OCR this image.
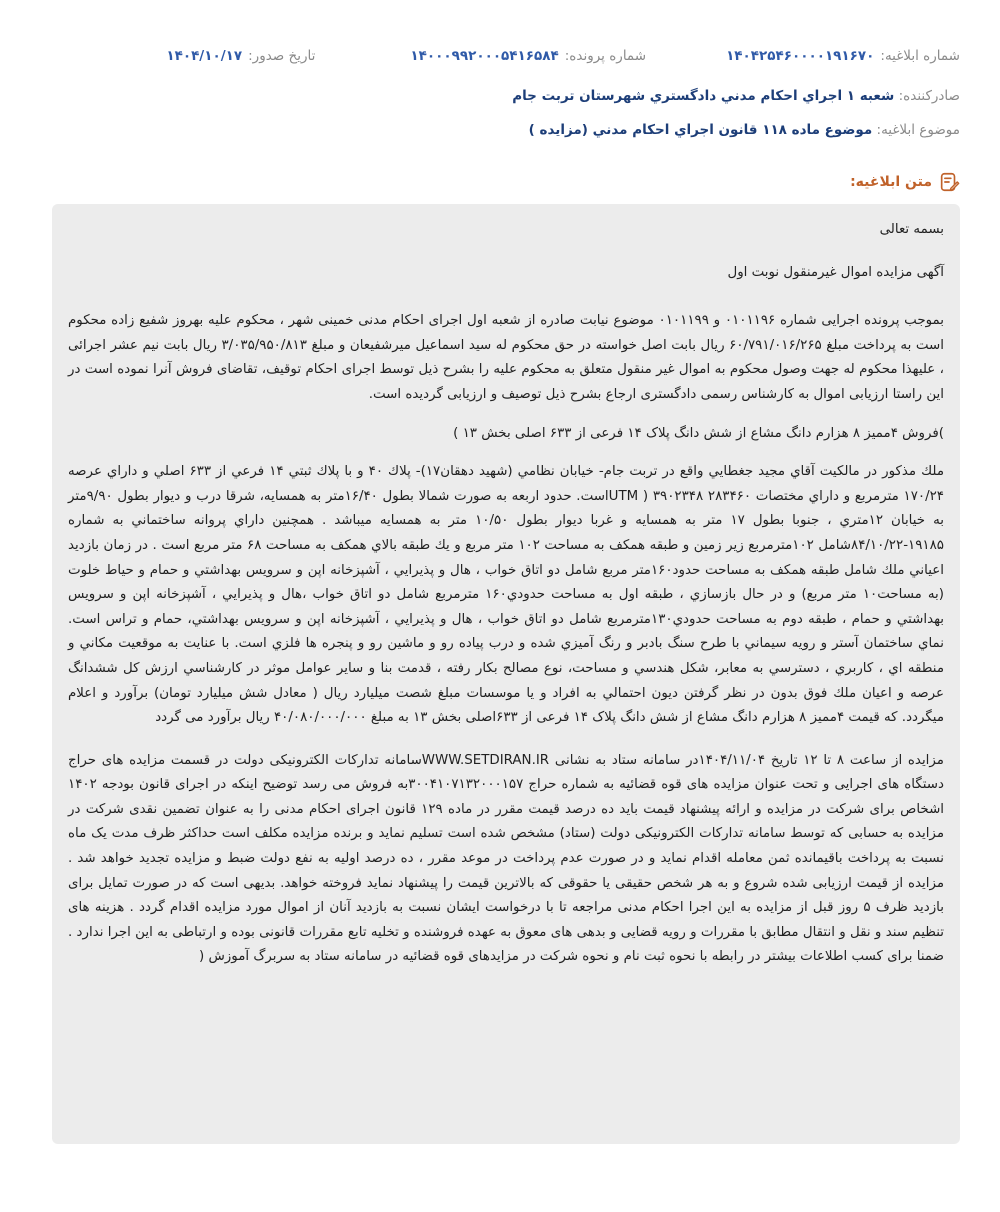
شماره ابلاغيه:
۱۴۰۴۲۵۴۶۰۰۰۰۱۹۱۶۷۰
شماره پرونده:
۱۴۰۰۰۹۹۲۰۰۰۵۴۱۶۵۸۴
تاريخ صدور:
۱۴۰۴/۱۰/۱۷
صادرکننده: شعبه ۱ اجراي احکام مدني دادگستري شهرستان تربت جام
موضوع ابلاغيه: موضوع ماده ۱۱۸ قانون اجراي احکام مدني (مزايده )
متن ابلاغيه:

بسمه تعالی

آگهی مزایده اموال غیرمنقول نوبت اول

بموجب پرونده اجرایی شماره ۰۱۰۱۱۹۶ و ۰۱۰۱۱۹۹ موضوع نیابت صادره از شعبه اول اجرای احکام مدنی خمینی شهر ، محکوم علیه بهروز شفیع زاده محکوم است به پرداخت مبلغ ۶۰/۷۹۱/۰۱۶/۲۶۵ ریال بابت اصل خواسته در حق محکوم له سید اسماعیل میرشفیعان و مبلغ ۳/۰۳۵/۹۵۰/۸۱۳ ریال بابت نیم عشر اجرائی ، علیهذا محکوم له جهت وصول محکوم به اموال غیر منقول متعلق به محکوم علیه را بشرح ذیل توسط اجرای احکام توقیف، تقاضای فروش آنرا نموده است در این راستا ارزیابی اموال به کارشناس رسمی دادگستری ارجاع بشرح ذیل توصیف و ارزیابی گردیده است.

)فروش ۴ممیز ۸ هزارم دانگ مشاع از شش دانگ پلاک ۱۴ فرعی از ۶۳۳ اصلی بخش ۱۳ )

ملك مذكور در مالكيت آقاي مجيد جغطايي واقع در تربت جام- خيابان نظامي (شهيد دهقان۱۷)- پلاك ۴۰ و با پلاك ثبتي ۱۴ فرعي از ۶۳۳ اصلي و داراي عرصه ۱۷۰/۲۴ مترمربع و داراي مختصات ۲۸۳۴۶۰ ۳۹۰۲۳۴۸ ( UTMاست. حدود اربعه به صورت شمالا بطول ۱۶/۴۰متر به همسايه، شرقا درب و ديوار بطول ۹/۹۰متر به خيابان ۱۲متري ، جنوبا بطول ۱۷ متر به همسايه و غربا ديوار بطول ۱۰/۵۰ متر به همسايه ميباشد . همچنين داراي پروانه ساختماني به شماره ۱۹۱۸۵-۸۴/۱۰/۲۲شامل ۱۰۲مترمربع زير زمين و طبقه همكف به مساحت ۱۰۲ متر مربع و يك طبقه بالاي همكف به مساحت ۶۸ متر مربع است . در زمان بازديد اعياني ملك شامل طبقه همكف به مساحت حدود۱۶۰متر مربع شامل دو اتاق خواب ، هال و پذيرايي ، آشپزخانه اپن و سرويس بهداشتي و حمام و حياط خلوت (به مساحت۱۰ متر مربع) و در حال بازسازي ، طبقه اول به مساحت حدودي۱۶۰ مترمربع شامل دو اتاق خواب ،هال و پذيرايي ، آشپزخانه اپن و سرويس بهداشتي و حمام ، طبقه دوم به مساحت حدودي۱۳۰مترمربع شامل دو اتاق خواب ، هال و پذيرايي ، آشپزخانه اپن و سرويس بهداشتي، حمام و تراس است. نماي ساختمان آستر و رويه سيماني با طرح سنگ بادبر و رنگ آميزي شده و درب پياده رو و ماشين رو و پنجره ها فلزي است. با عنايت به موقعيت مكاني و منطقه اي ، كاربري ، دسترسي به معابر، شكل هندسي و مساحت، نوع مصالح بكار رفته ، قدمت بنا و ساير عوامل موثر در كارشناسي ارزش كل ششدانگ عرصه و اعيان ملك فوق بدون در نظر گرفتن ديون احتمالي به افراد و يا موسسات مبلغ شصت ميليارد ريال ( معادل شش ميليارد تومان) برآورد و اعلام ميگردد. که قیمت ۴ممیز ۸ هزارم دانگ مشاع از شش دانگ پلاک ۱۴ فرعی از ۶۳۳اصلی بخش ۱۳ به مبلغ ۴۰/۰۸۰/۰۰۰/۰۰۰ ریال برآورد می گردد

مزایده از ساعت ۸ تا ۱۲ تاریخ ۱۴۰۴/۱۱/۰۴در سامانه ستاد به نشانی WWW.SETDIRAN.IRسامانه تدارکات الکترونیکی دولت در قسمت مزایده های حراج دستگاه های اجرایی و تحت عنوان مزایده های قوه قضائیه به شماره حراج ۳۰۰۴۱۰۷۱۳۲۰۰۰۱۵۷به فروش می رسد توضیح اینکه در اجرای قانون بودجه ۱۴۰۲ اشخاص برای شرکت در مزایده و ارائه پیشنهاد قیمت باید ده درصد قیمت مقرر در ماده ۱۲۹ قانون اجرای احکام مدنی را به عنوان تضمین نقدی شرکت در مزایده به حسابی که توسط سامانه تدارکات الکترونیکی دولت (ستاد) مشخص شده است تسلیم نماید و برنده مزایده مکلف است حداکثر ظرف مدت یک ماه نسبت به پرداخت باقیمانده ثمن معامله اقدام نماید و در صورت عدم پرداخت در موعد مقرر ، ده درصد اولیه به نفع دولت ضبط و مزایده تجدید خواهد شد . مزایده از قیمت ارزیابی شده شروع و به هر شخص حقیقی یا حقوقی که بالاترین قیمت را پیشنهاد نماید فروخته خواهد. بدیهی است که در صورت تمایل برای بازدید ظرف ۵ روز قبل از مزایده به این اجرا احکام مدنی مراجعه تا با درخواست ایشان نسبت به بازدید آنان از اموال مورد مزایده اقدام گردد . هزینه های تنظیم سند و نقل و انتقال مطابق با مقررات و رویه قضایی و بدهی های معوق به عهده فروشنده و تخلیه تابع مقررات قانونی بوده و ارتباطی به این اجرا ندارد . ضمنا برای کسب اطلاعات بیشتر در رابطه با نحوه ثبت نام و نحوه شرکت در مزایدهای قوه قضائیه در سامانه ستاد به سربرگ آموزش (
